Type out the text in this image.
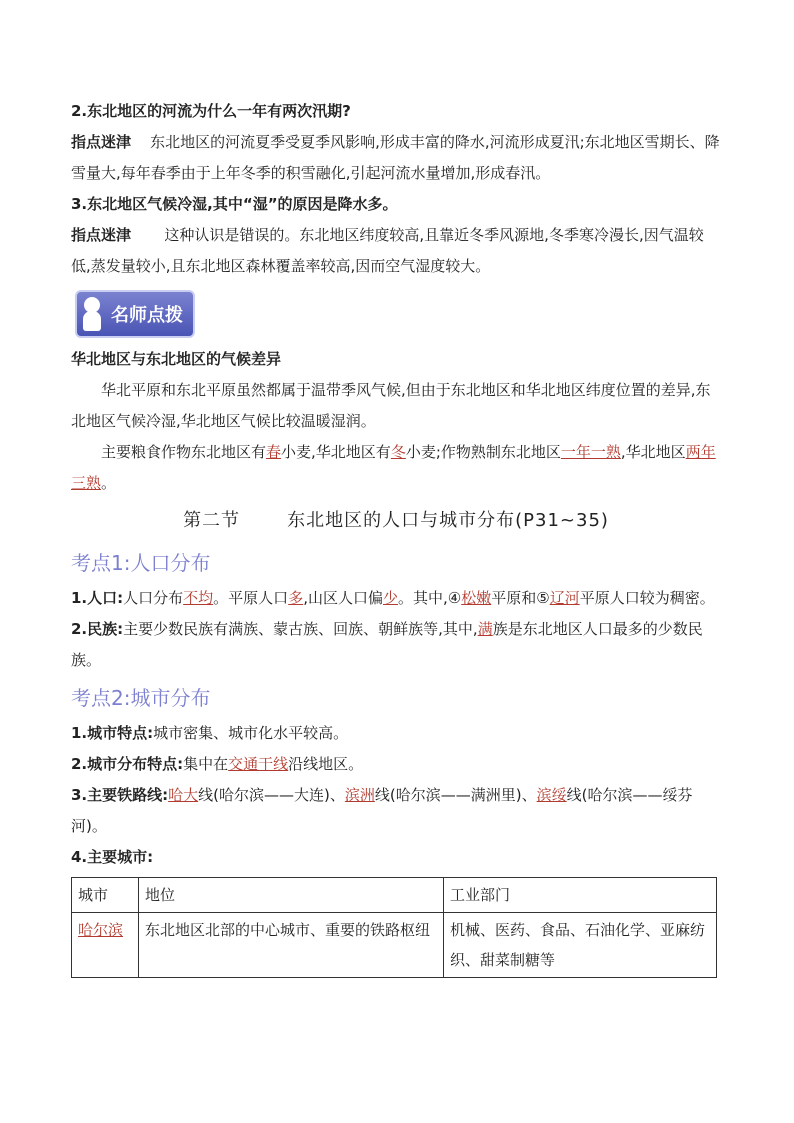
2.东北地区的河流为什么一年有两次汛期?

指点迷津 东北地区的河流夏季受夏季风影响,形成丰富的降水,河流形成夏汛;东北地区雪期长、降雪量大,每年春季由于上年冬季的积雪融化,引起河流水量增加,形成春汛。

3.东北地区气候冷湿,其中“湿”的原因是降水多。

指点迷津 这种认识是错误的。东北地区纬度较高,且靠近冬季风源地,冬季寒冷漫长,因气温较低,蒸发量较小,且东北地区森林覆盖率较高,因而空气湿度较大。

名师点拨

华北地区与东北地区的气候差异

华北平原和东北平原虽然都属于温带季风气候,但由于东北地区和华北地区纬度位置的差异,东北地区气候冷湿,华北地区气候比较温暖湿润。

主要粮食作物东北地区有春小麦,华北地区有冬小麦;作物熟制东北地区一年一熟,华北地区两年三熟。

第二节	东北地区的人口与城市分布(P31~35)
考点1:人口分布

1.人口:人口分布不均。平原人口多,山区人口偏少。其中,④松嫩平原和⑤辽河平原人口较为稠密。

2.民族:主要少数民族有满族、蒙古族、回族、朝鲜族等,其中,满族是东北地区人口最多的少数民族。

考点2:城市分布

1.城市特点:城市密集、城市化水平较高。

2.城市分布特点:集中在交通干线沿线地区。

3.主要铁路线:哈大线(哈尔滨——大连)、滨洲线(哈尔滨——满洲里)、滨绥线(哈尔滨——绥芬河)。

4.主要城市:

城市	地位	工业部门
哈尔滨	东北地区北部的中心城市、重要的铁路枢纽	机械、医药、食品、石油化学、亚麻纺织、甜菜制糖等
